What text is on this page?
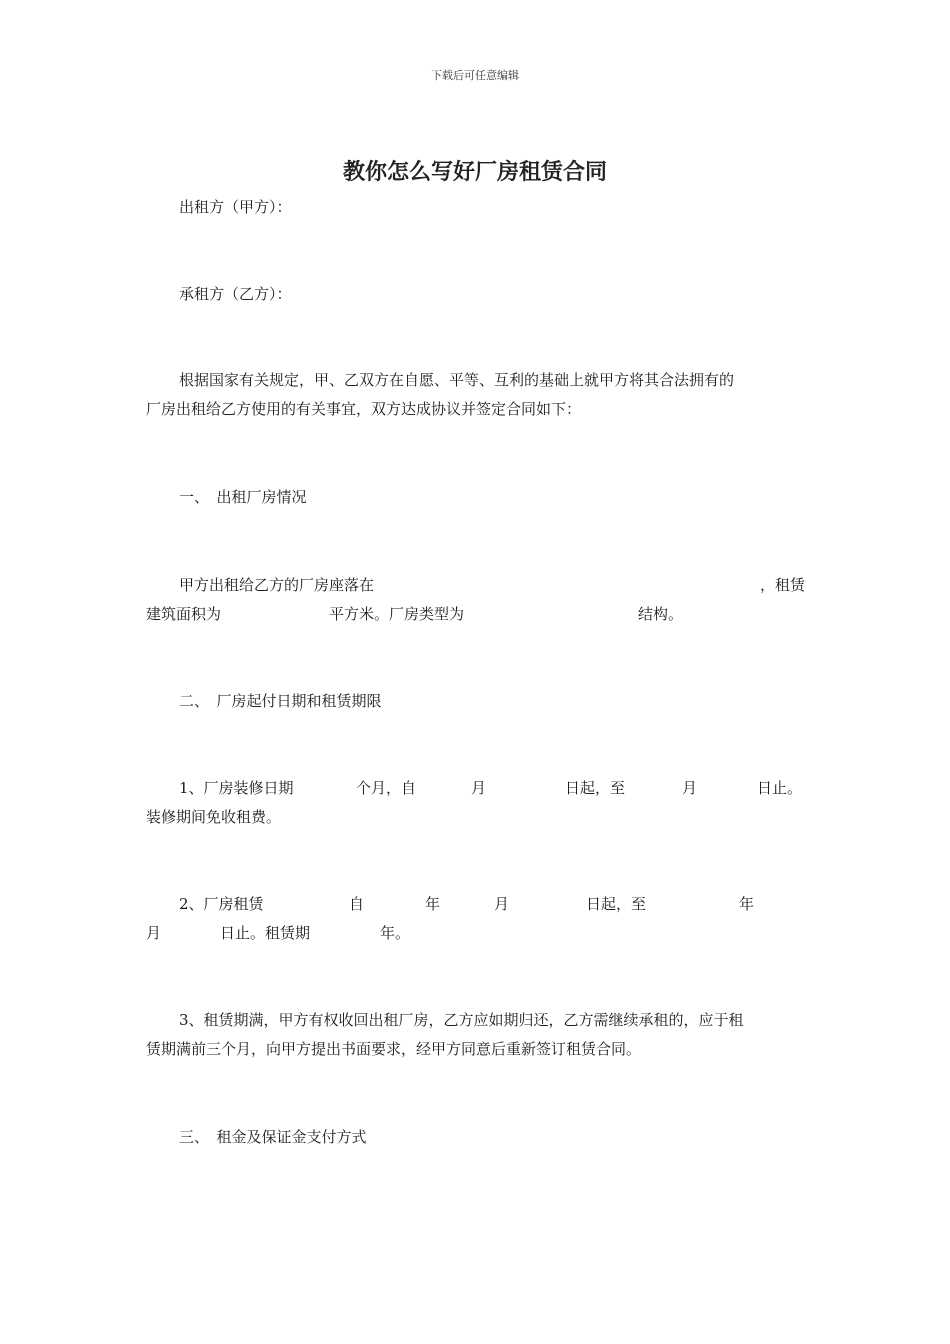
下载后可任意编辑
教你怎么写好厂房租赁合同
出租方（甲方）：
承租方（乙方）：
根据国家有关规定，甲、乙双方在自愿、平等、互利的基础上就甲方将其合法拥有的
厂房出租给乙方使用的有关事宜，双方达成协议并签定合同如下：
一、　出租厂房情况
甲方出租给乙方的厂房座落在	，租赁
建筑面积为	平方米。厂房类型为	结构。
二、　厂房起付日期和租赁期限
1、厂房装修日期	个月，自	月	日起，至	月	日止。
装修期间免收租费。
2、厂房租赁	自	年	月	日起，至	年
月	日止。租赁期	年。
3、租赁期满，甲方有权收回出租厂房，乙方应如期归还，乙方需继续承租的，应于租
赁期满前三个月，向甲方提出书面要求，经甲方同意后重新签订租赁合同。
三、　租金及保证金支付方式
